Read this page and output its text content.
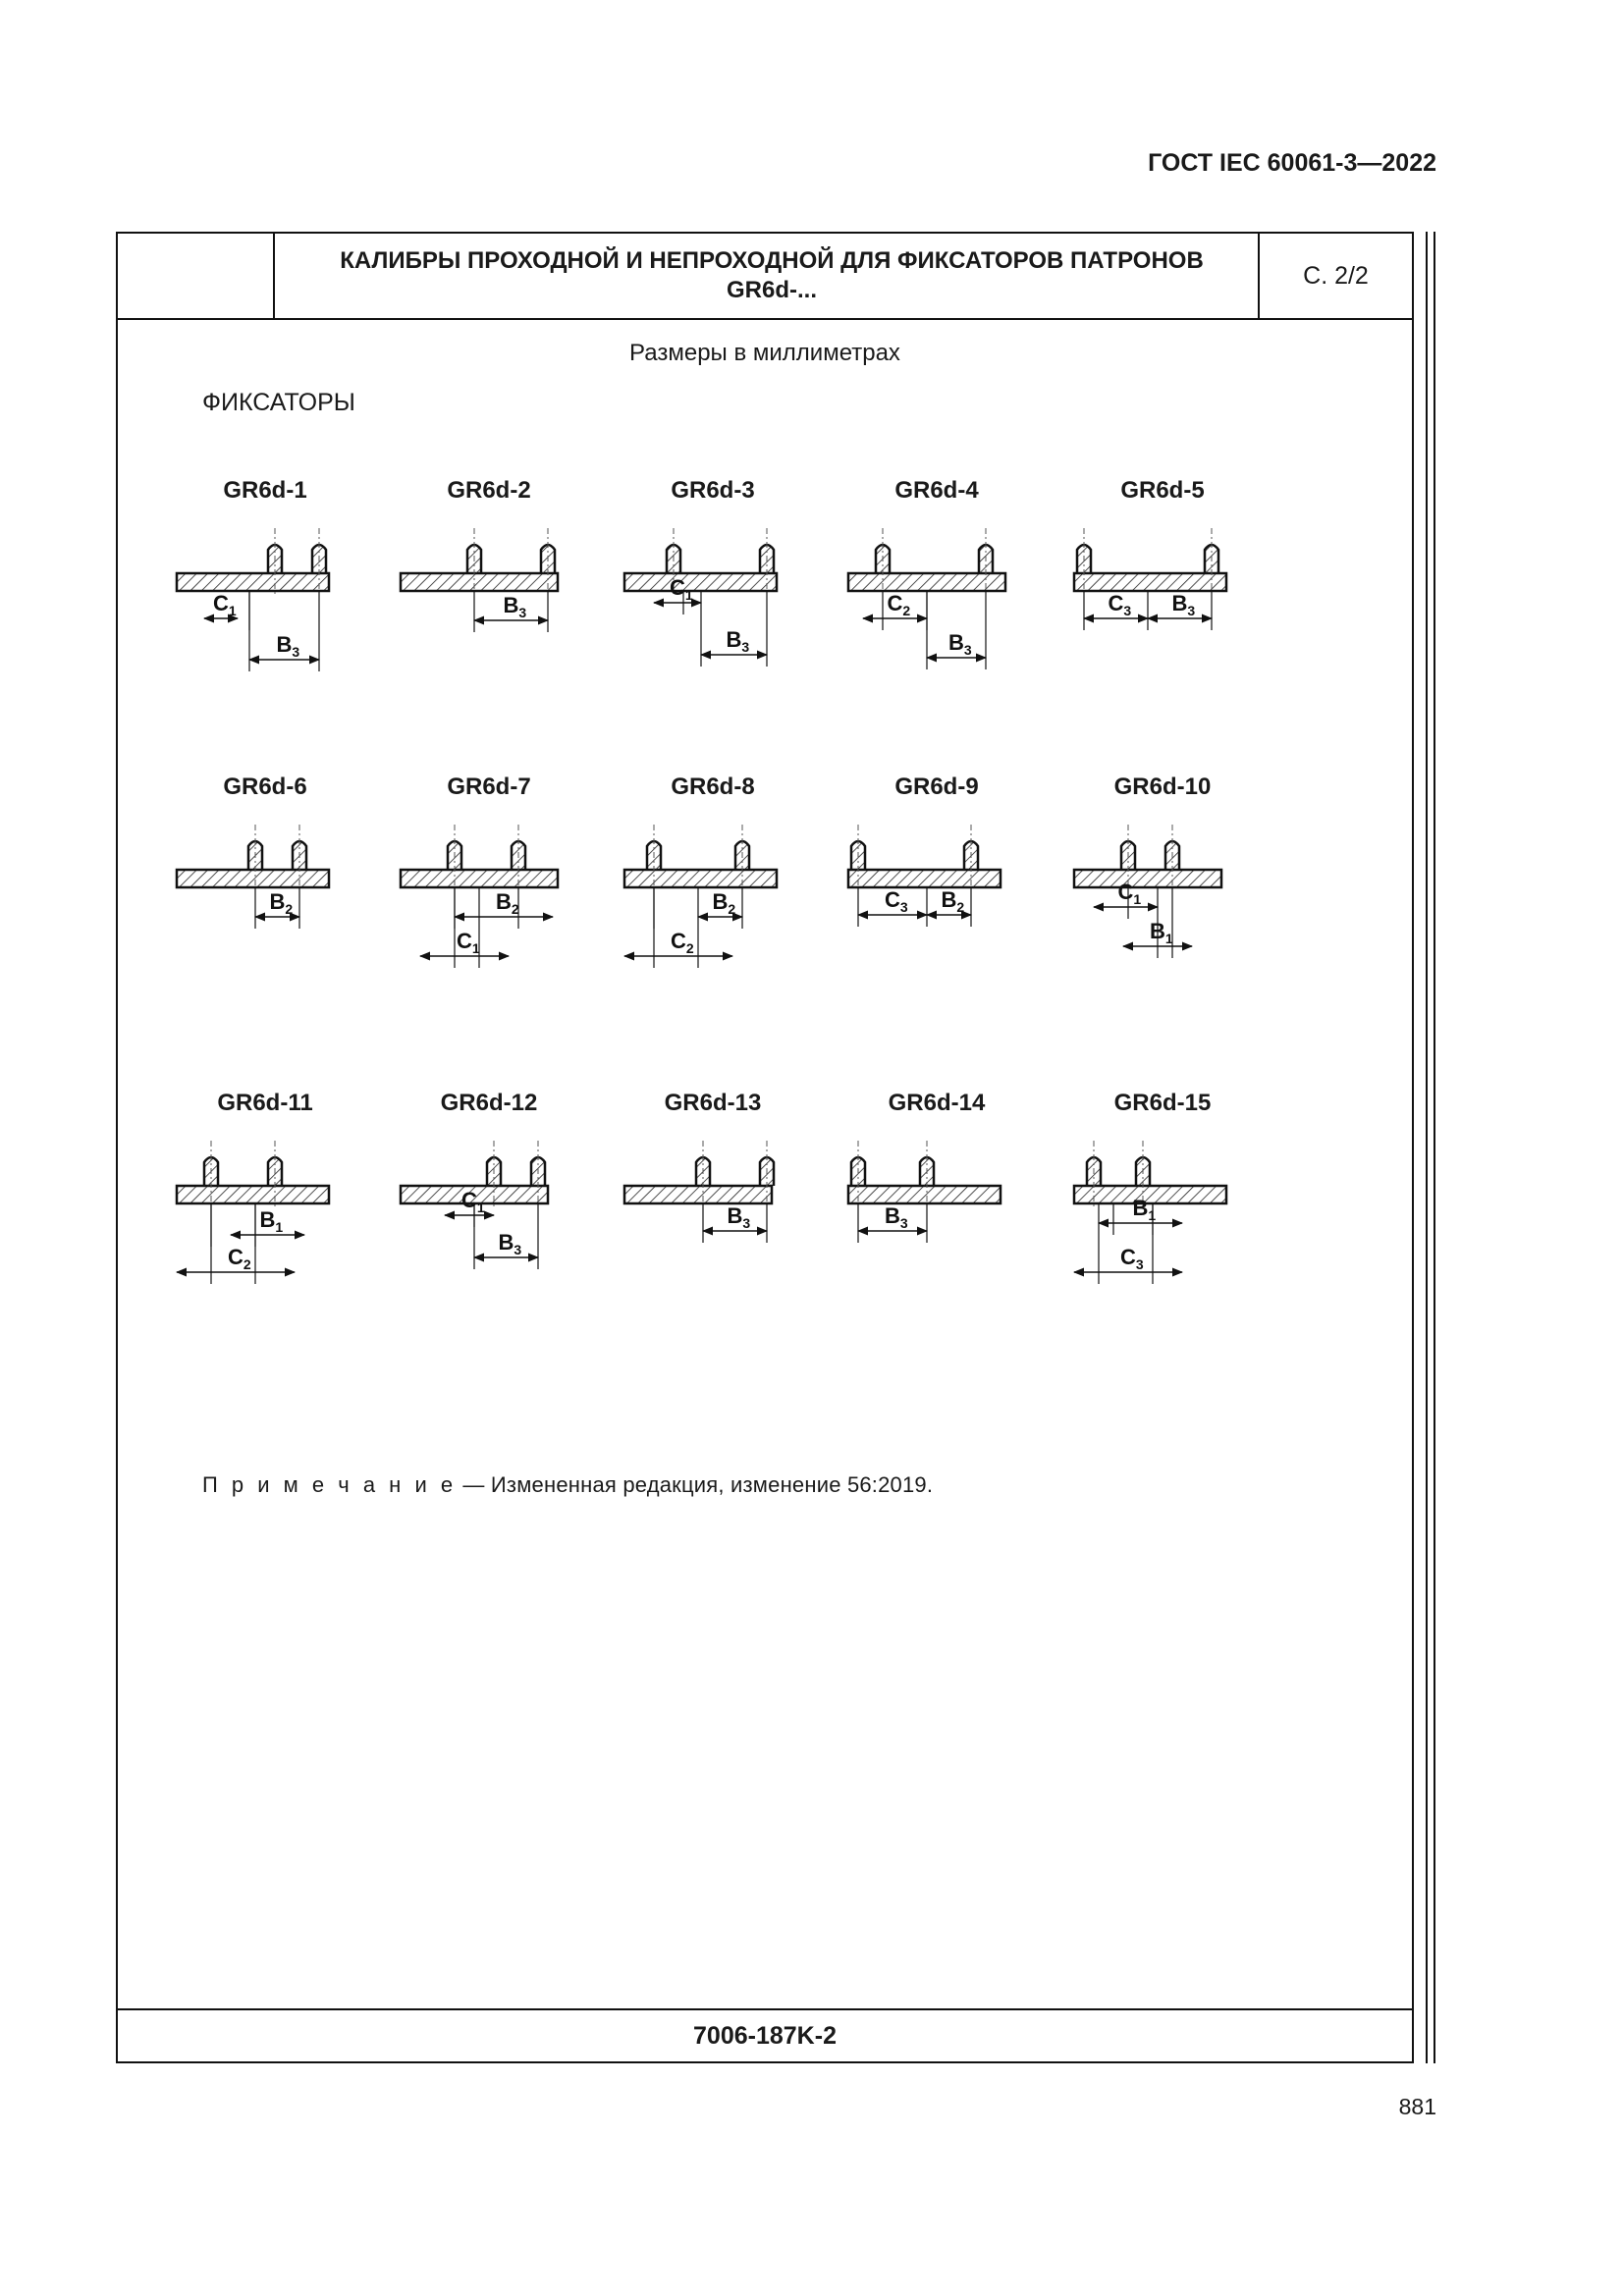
ГОСТ IEC 60061-3—2022
КАЛИБРЫ ПРОХОДНОЙ И НЕПРОХОДНОЙ ДЛЯ ФИКСАТОРОВ ПАТРОНОВ GR6d-...
С. 2/2
Размеры в миллиметрах
ФИКСАТОРЫ
GR6d-1
$C_1$
$B_3$
GR6d-2
$B_3$
GR6d-3
$C_1$
$B_3$
GR6d-4
$C_2$
$B_3$
GR6d-5
$C_3$ $B_3$
GR6d-6
$B_2$
GR6d-7
$B_2$
$C_1$
GR6d-8
$B_2$
$C_2$
GR6d-9
$C_3$ $B_2$
GR6d-10
$C_1$
$B_1$
GR6d-11
$B_1$
$C_2$
GR6d-12
$C_1$
$B_3$
GR6d-13
$B_3$
GR6d-14
$B_3$
GR6d-15
$B_1$
$C_3$
П р и м е ч а н и е — Измененная редакция, изменение 56:2019.
7006-187K-2
881
